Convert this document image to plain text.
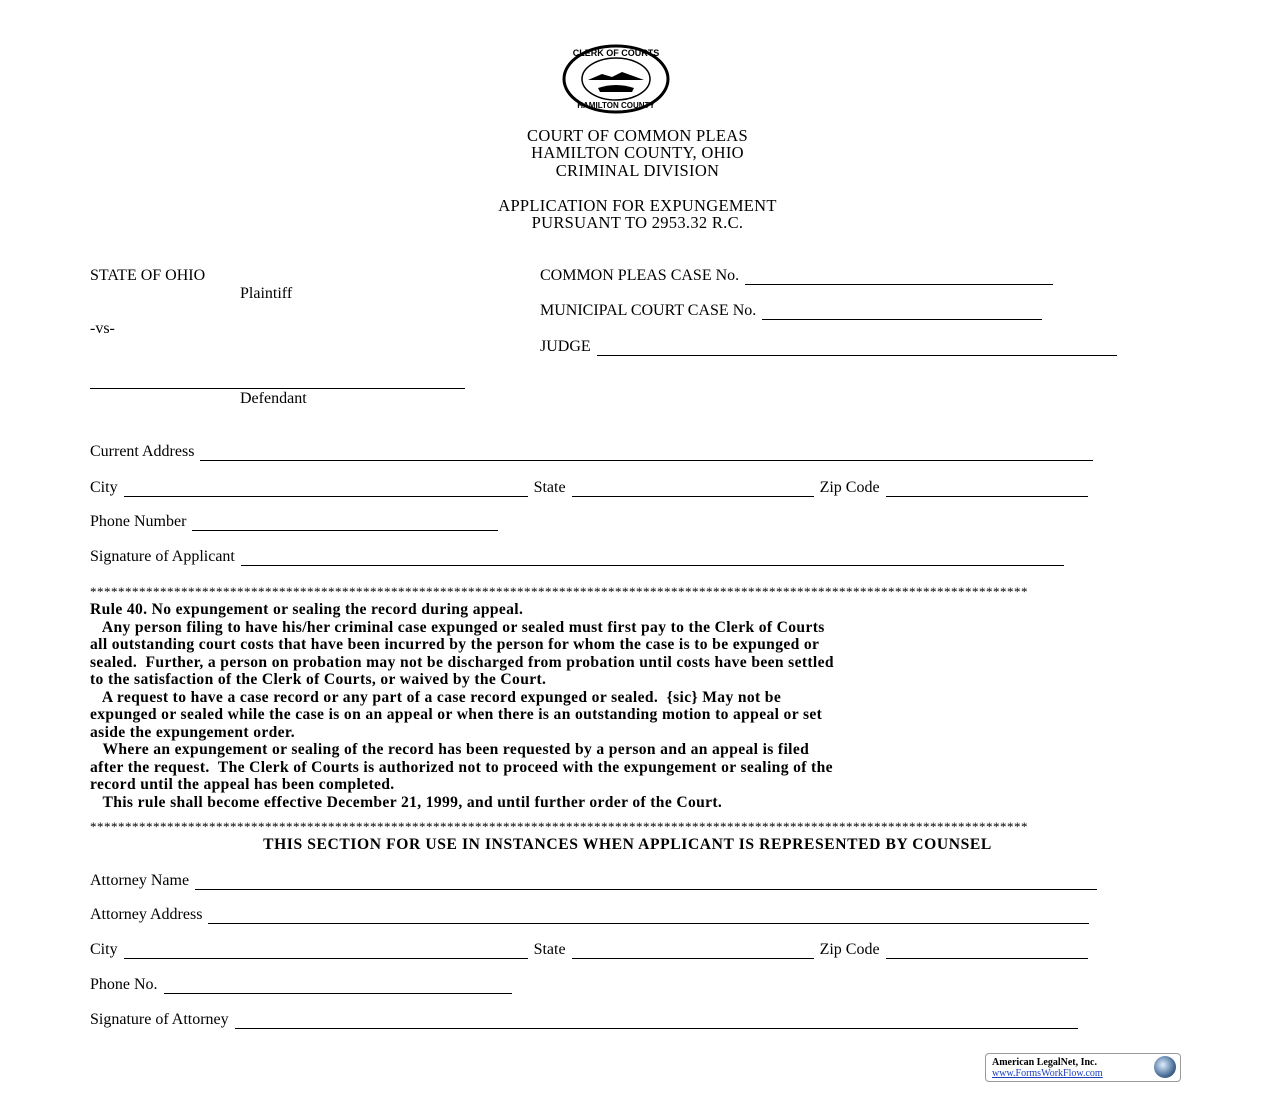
CLERK OF COURTS
HAMILTON COUNTY
COURT OF COMMON PLEAS
HAMILTON COUNTY, OHIO
CRIMINAL DIVISION
APPLICATION FOR EXPUNGEMENT
PURSUANT TO 2953.32 R.C.
STATE OF OHIO
Plaintiff
-vs-
Defendant
COMMON PLEAS CASE No.
MUNICIPAL COURT CASE No.
JUDGE
Current Address
City	State	Zip Code
Phone Number
Signature of Applicant
**************************************************************************************************************************************
Rule 40. No expungement or sealing the record during appeal.
Any person filing to have his/her criminal case expunged or sealed must first pay to the Clerk of Courts
all outstanding court costs that have been incurred by the person for whom the case is to be expunged or
sealed.  Further, a person on probation may not be discharged from probation until costs have been settled
to the satisfaction of the Clerk of Courts, or waived by the Court.
A request to have a case record or any part of a case record expunged or sealed.  {sic} May not be
expunged or sealed while the case is on an appeal or when there is an outstanding motion to appeal or set
aside the expungement order.
Where an expungement or sealing of the record has been requested by a person and an appeal is filed
after the request.  The Clerk of Courts is authorized not to proceed with the expungement or sealing of the
record until the appeal has been completed.
This rule shall become effective December 21, 1999, and until further order of the Court.
**************************************************************************************************************************************
THIS SECTION FOR USE IN INSTANCES WHEN APPLICANT IS REPRESENTED BY COUNSEL
Attorney Name
Attorney Address
City	State	Zip Code
Phone No.
Signature of Attorney
American LegalNet, Inc.
www.FormsWorkFlow.com
